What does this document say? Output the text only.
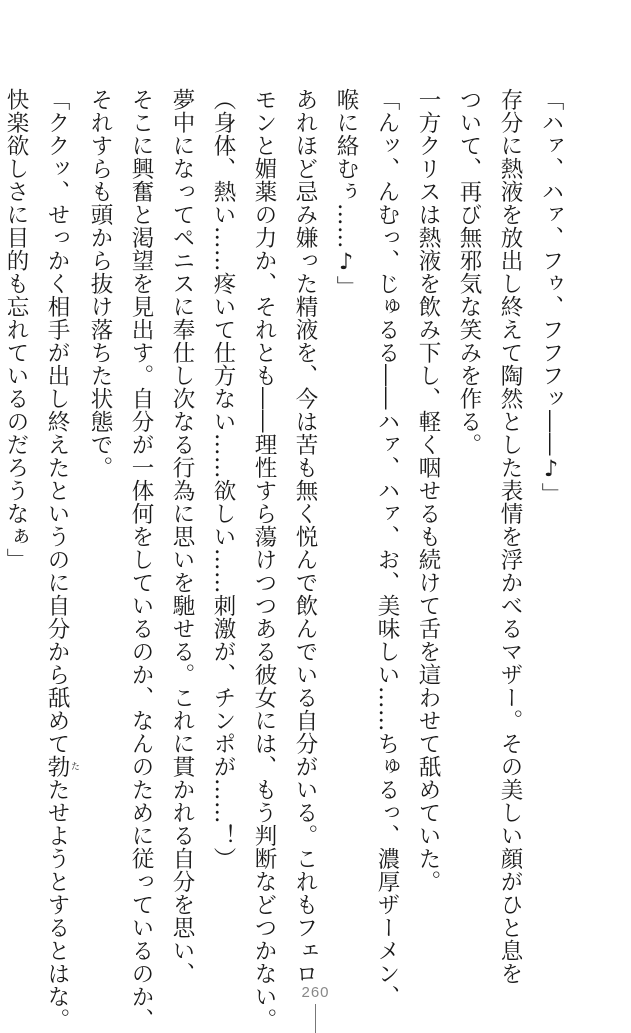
「ハァ、ハァ、フゥ、フフフッ――♪」
存分に熱液を放出し終えて陶然とした表情を浮かべるマザー。その美しい顔がひと息を
ついて、再び無邪気な笑みを作る。
一方クリスは熱液を飲み下し、軽く咽せるも続けて舌を這わせて舐めていた。
「んッ、んむっ、じゅるる――ハァ、ハァ、お、美味しい……ちゅるっ、濃厚ザーメン、
喉に絡むぅ……♪」
あれほど忌み嫌った精液を、今は苦も無く悦んで飲んでいる自分がいる。これもフェロ
モンと媚薬の力か、それとも――理性すら蕩けつつある彼女には、もう判断などつかない。
（身体、熱い……疼いて仕方ない……欲しい……刺激が、チンポが……！）
夢中になってペニスに奉仕し次なる行為に思いを馳せる。これに貫かれる自分を思い、
そこに興奮と渇望を見出す。自分が一体何をしているのか、なんのために従っているのか、
それすらも頭から抜け落ちた状態で。
「ククッ、せっかく相手が出し終えたというのに自分から舐めて勃 たたせようとするとはな。
快楽欲しさに目的も忘れているのだろうなぁ」
260
